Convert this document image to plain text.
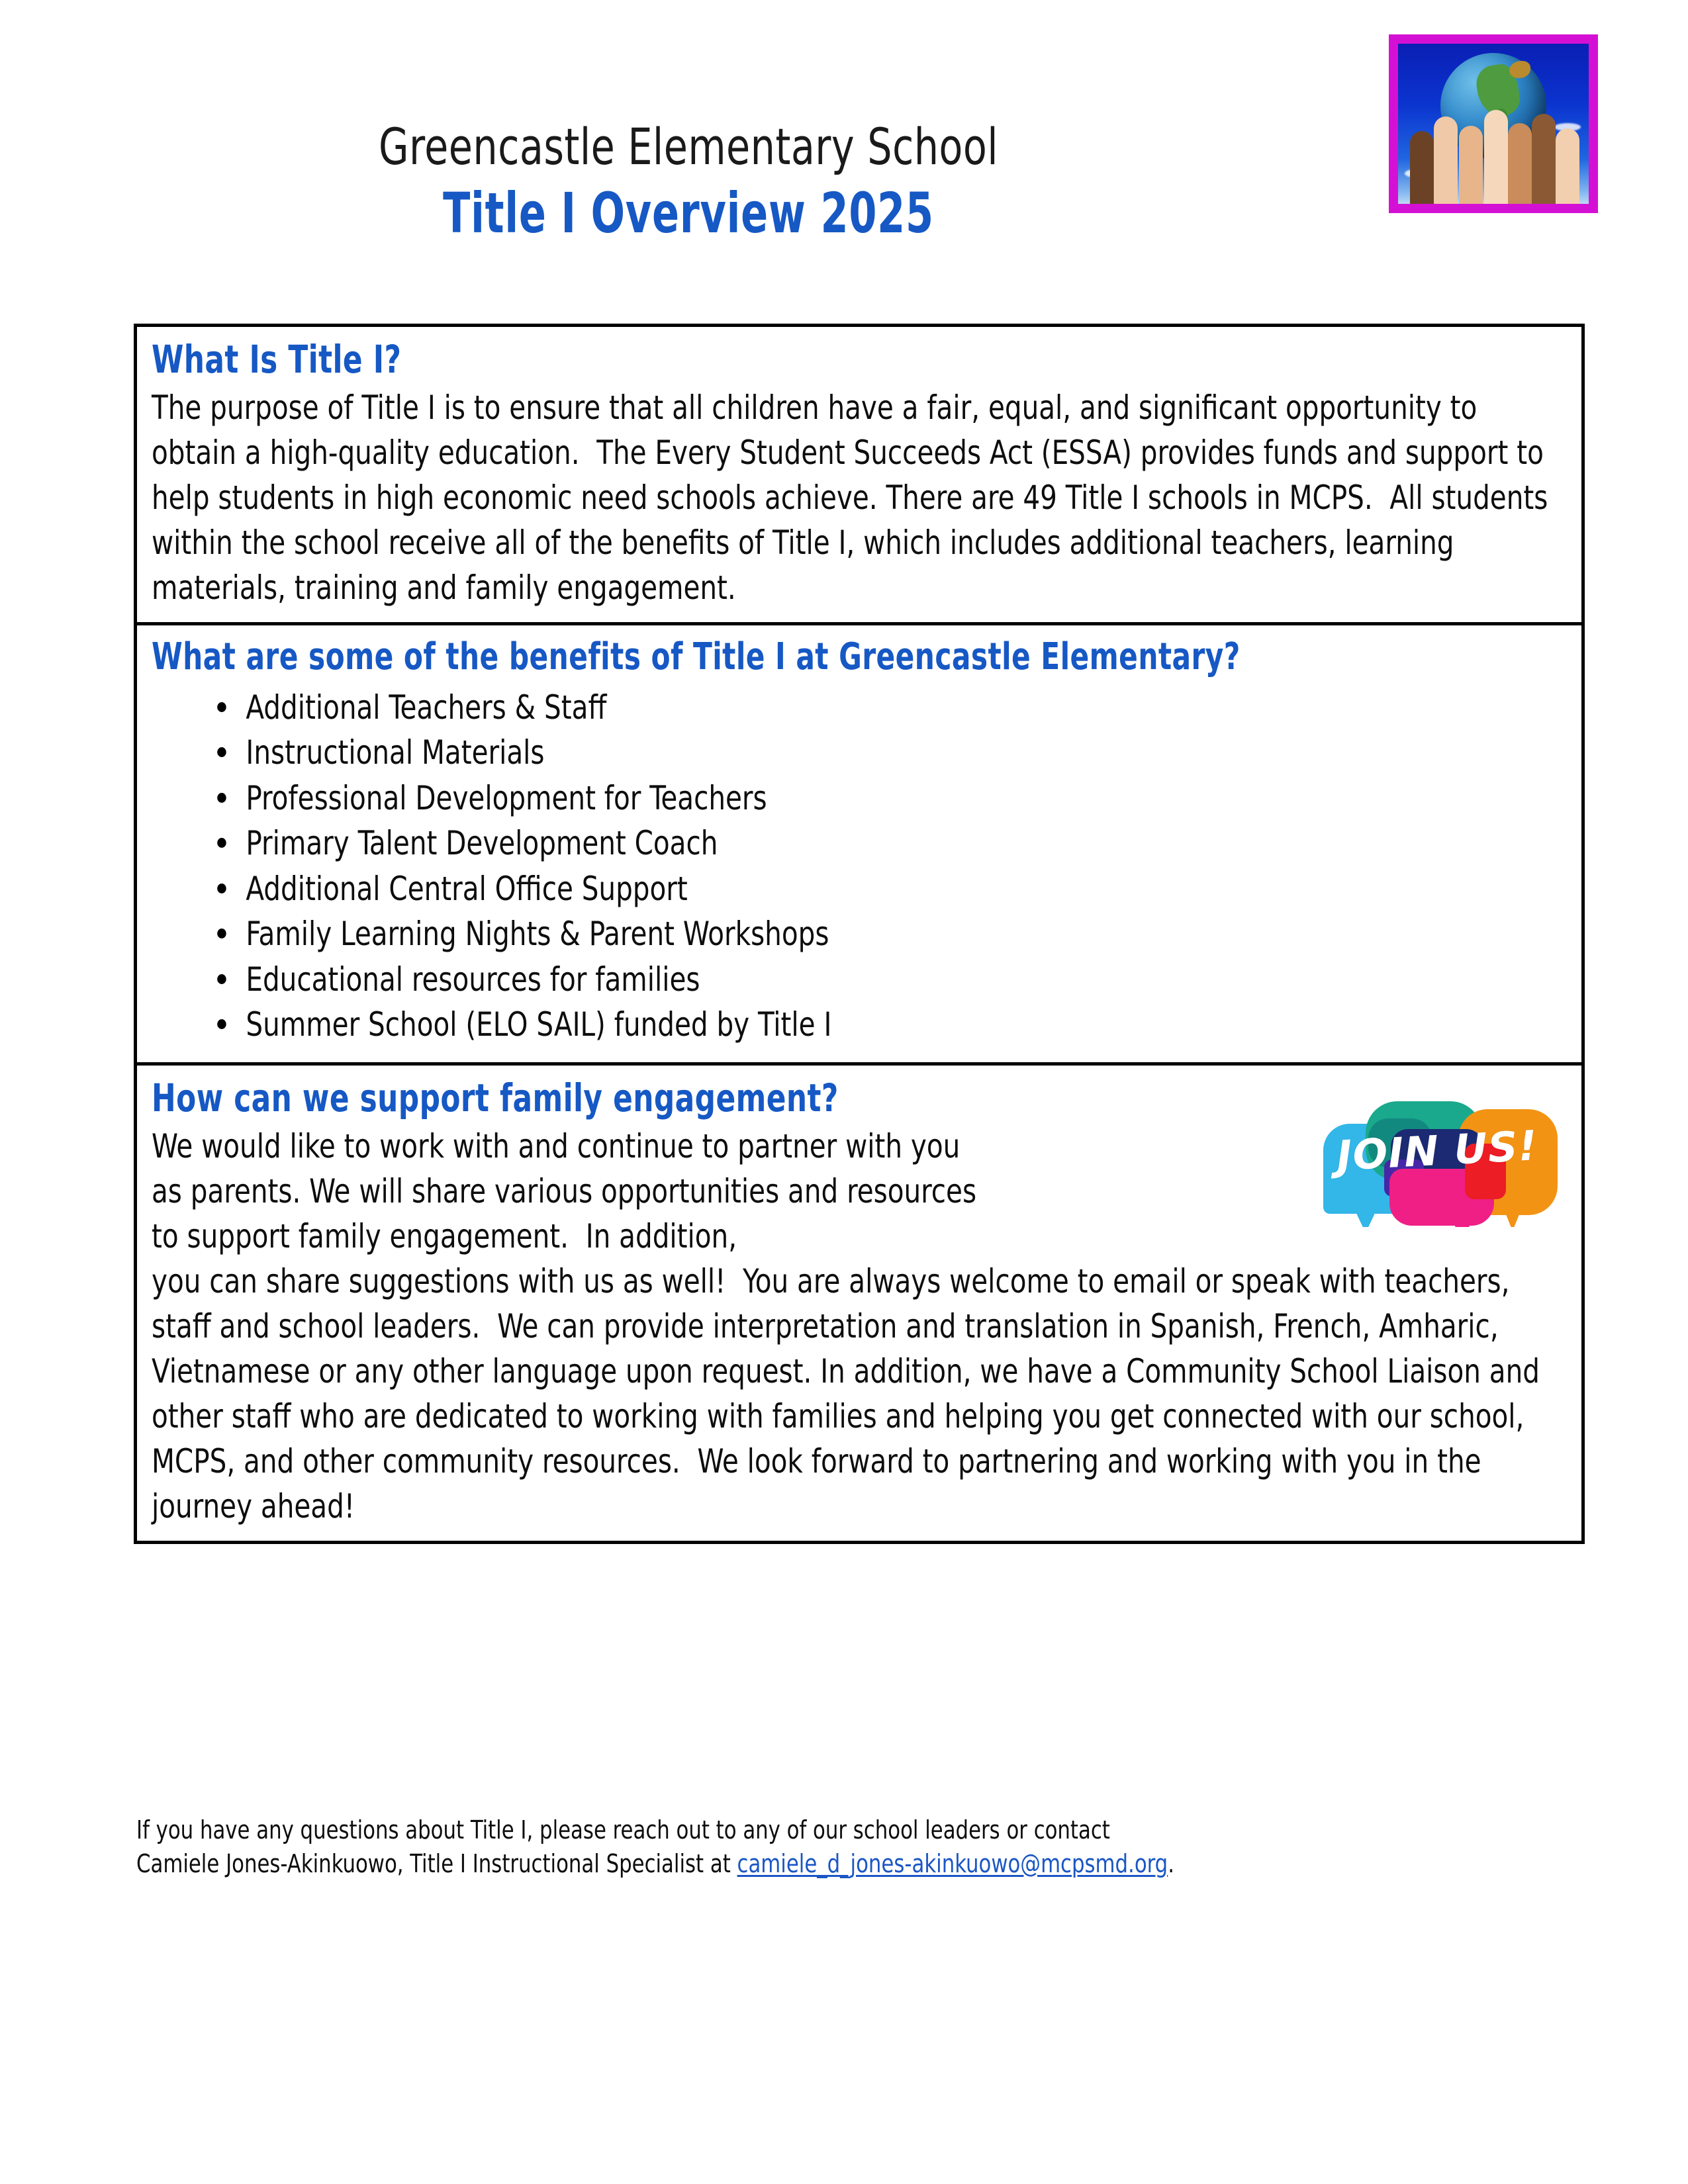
Greencastle Elementary School
Title I Overview 2025
What Is Title I?

The purpose of Title I is to ensure that all children have a fair, equal, and significant opportunity to obtain a high-quality education.  The Every Student Succeeds Act (ESSA) provides funds and support to help students in high economic need schools achieve. There are 49 Title I schools in MCPS.  All students within the school receive all of the benefits of Title I, which includes additional teachers, learning materials, training and family engagement.

What are some of the benefits of Title I at Greencastle Elementary?
Additional Teachers & Staff
Instructional Materials
Professional Development for Teachers
Primary Talent Development Coach
Additional Central Office Support
Family Learning Nights & Parent Workshops
Educational resources for families
Summer School (ELO SAIL) funded by Title I
JOIN US!
How can we support family engagement?

We would like to work with and continue to partner with you as parents. We will share various opportunities and resources to support family engagement.  In addition,

you can share suggestions with us as well!  You are always welcome to email or speak with teachers, staff and school leaders.  We can provide interpretation and translation in Spanish, French, Amharic, Vietnamese or any other language upon request. In addition, we have a Community School Liaison and other staff who are dedicated to working with families and helping you get connected with our school, MCPS, and other community resources.  We look forward to partnering and working with you in the journey ahead!

If you have any questions about Title I, please reach out to any of our school leaders or contact

Camiele Jones-Akinkuowo, Title I Instructional Specialist at camiele_d_jones-akinkuowo@mcpsmd.org.
